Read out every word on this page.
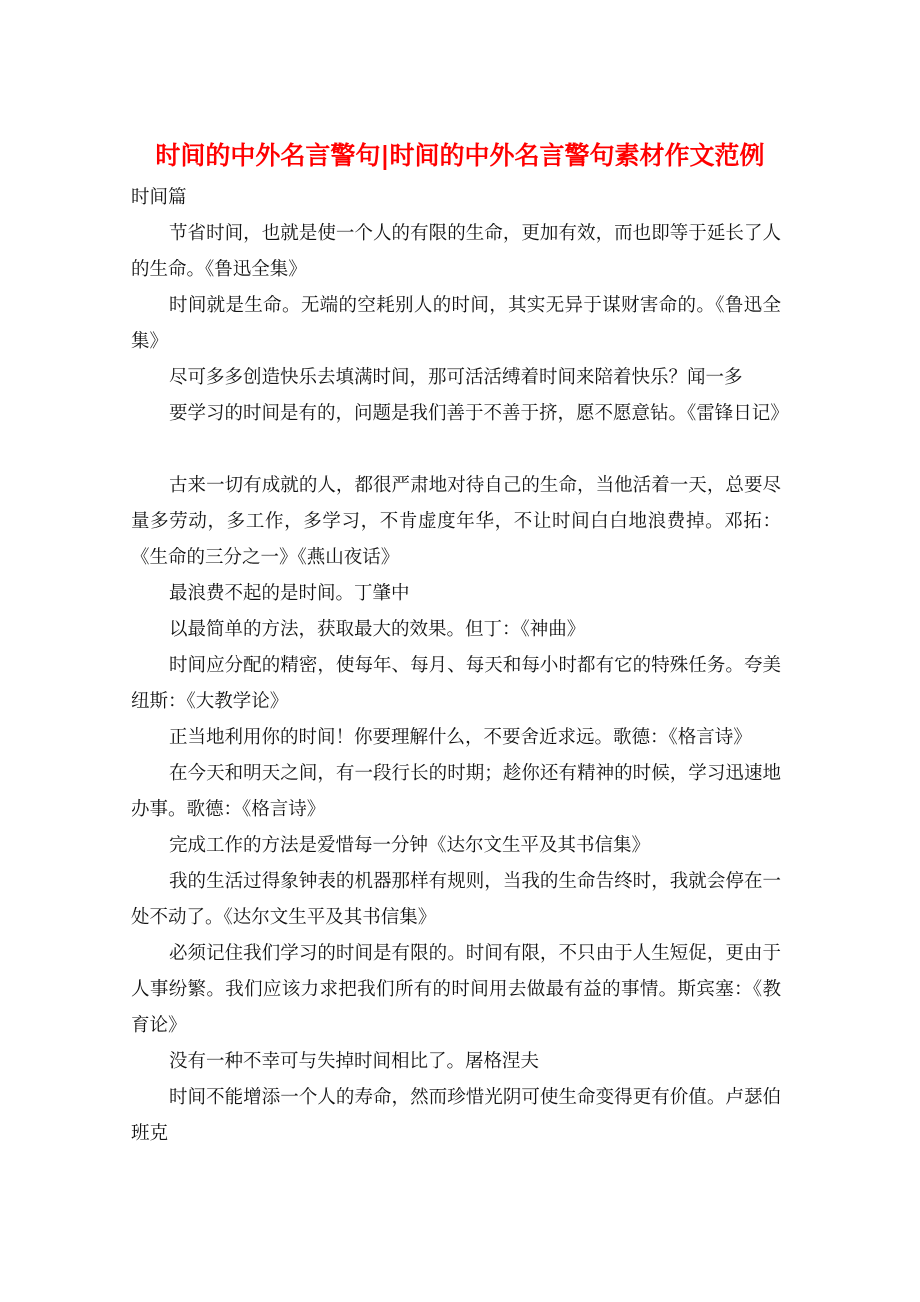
时间的中外名言警句|时间的中外名言警句素材作文范例
时间篇
节省时间，也就是使一个人的有限的生命，更加有效，而也即等于延长了人
的生命。《鲁迅全集》
时间就是生命。无端的空耗别人的时间，其实无异于谋财害命的。《鲁迅全
集》
尽可多多创造快乐去填满时间，那可活活缚着时间来陪着快乐？闻一多
要学习的时间是有的，问题是我们善于不善于挤，愿不愿意钻。《雷锋日记》
古来一切有成就的人，都很严肃地对待自己的生命，当他活着一天，总要尽
量多劳动，多工作，多学习，不肯虚度年华，不让时间白白地浪费掉。邓拓：
《生命的三分之一》《燕山夜话》
最浪费不起的是时间。丁肇中
以最简单的方法，获取最大的效果。但丁：《神曲》
时间应分配的精密，使每年、每月、每天和每小时都有它的特殊任务。夸美
纽斯：《大教学论》
正当地利用你的时间！你要理解什么，不要舍近求远。歌德：《格言诗》
在今天和明天之间，有一段行长的时期；趁你还有精神的时候，学习迅速地
办事。歌德：《格言诗》
完成工作的方法是爱惜每一分钟《达尔文生平及其书信集》
我的生活过得象钟表的机器那样有规则，当我的生命告终时，我就会停在一
处不动了。《达尔文生平及其书信集》
必须记住我们学习的时间是有限的。时间有限，不只由于人生短促，更由于
人事纷繁。我们应该力求把我们所有的时间用去做最有益的事情。斯宾塞：《教
育论》
没有一种不幸可与失掉时间相比了。屠格涅夫
时间不能增添一个人的寿命，然而珍惜光阴可使生命变得更有价值。卢瑟伯
班克
